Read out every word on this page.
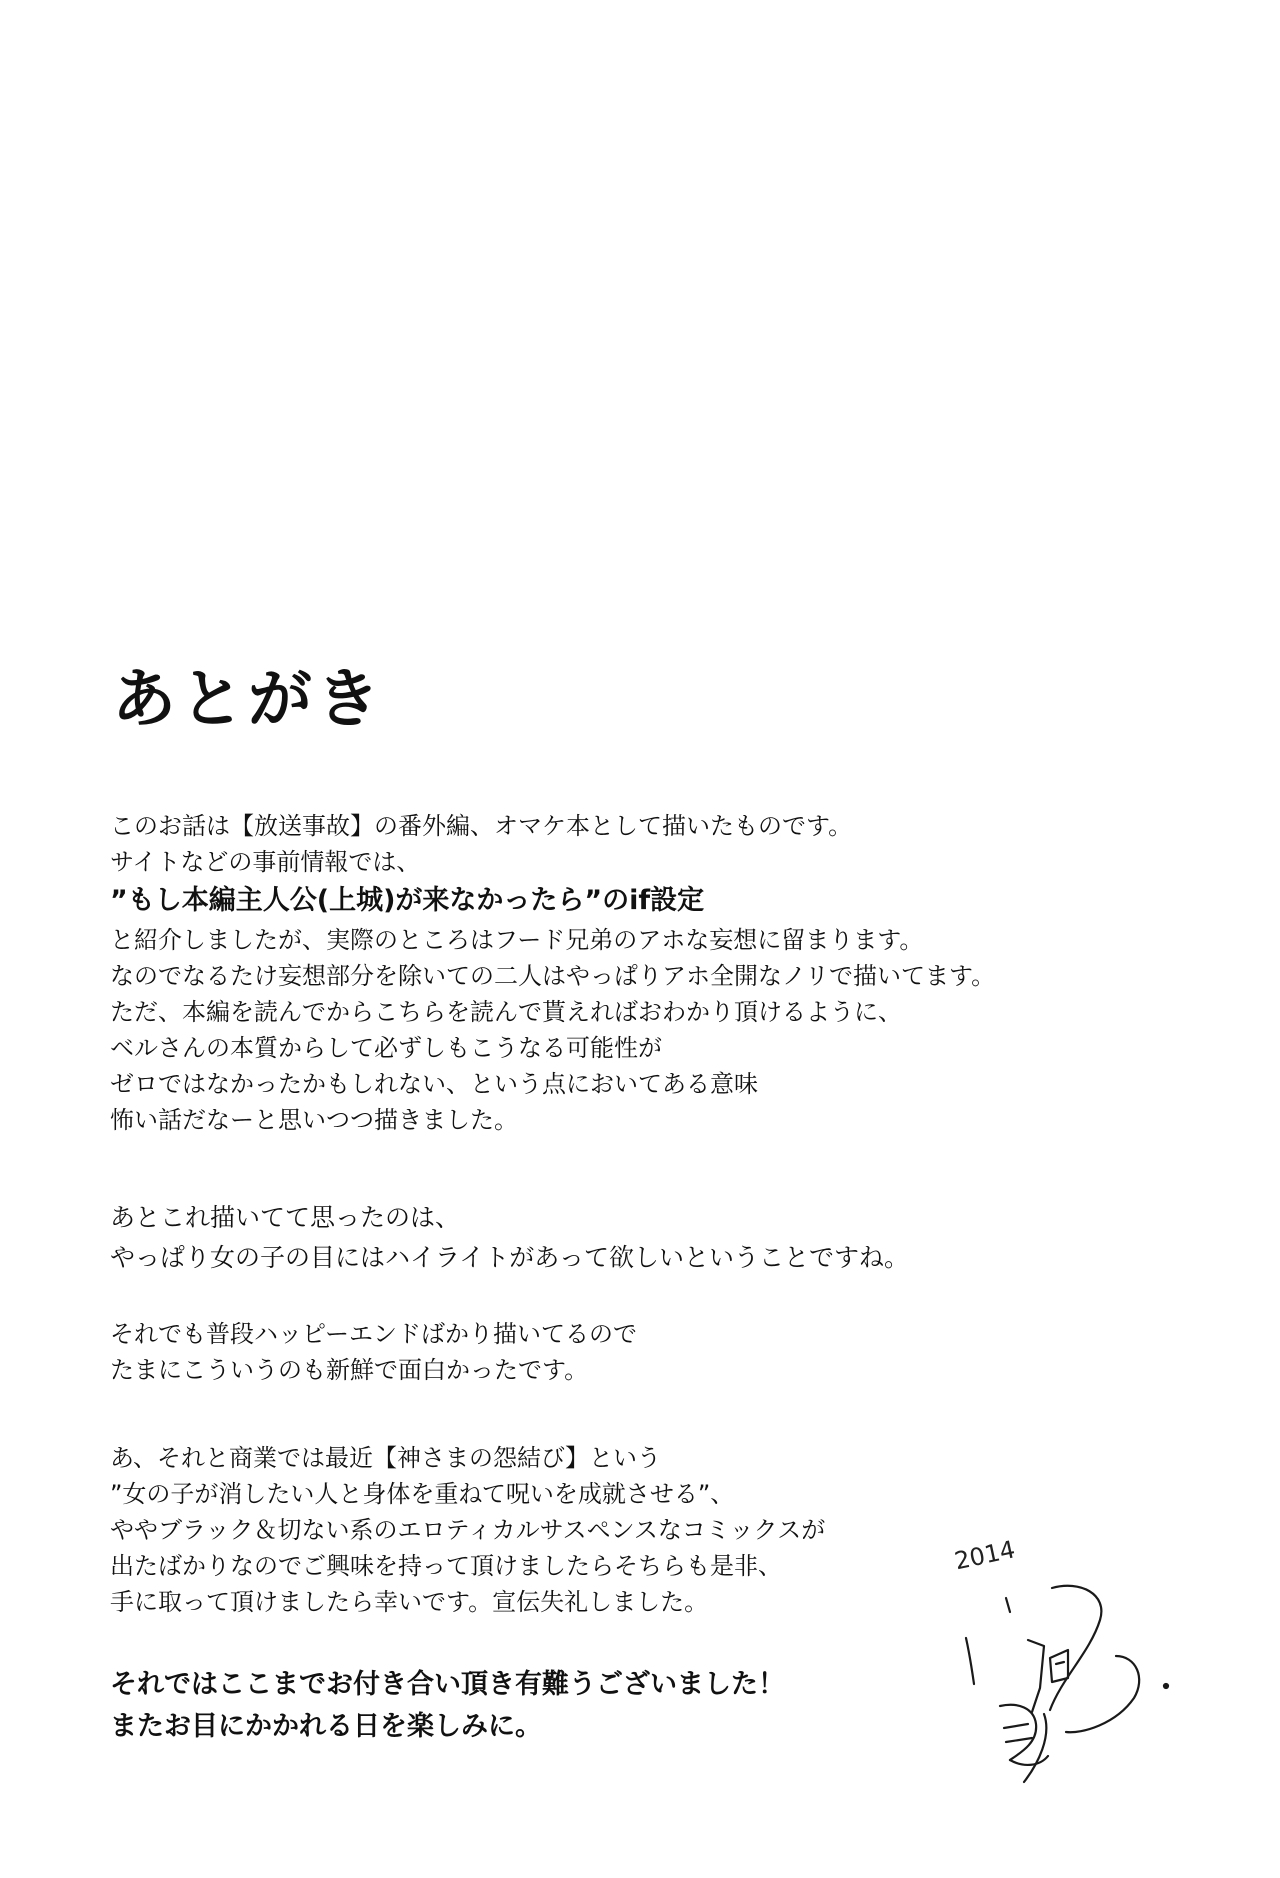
あとがき
このお話は【放送事故】の番外編、オマケ本として描いたものです。
サイトなどの事前情報では、
”もし本編主人公(上城)が来なかったら”のif設定
と紹介しましたが、実際のところはフード兄弟のアホな妄想に留まります。
なのでなるたけ妄想部分を除いての二人はやっぱりアホ全開なノリで描いてます。
ただ、本編を読んでからこちらを読んで貰えればおわかり頂けるように、
ベルさんの本質からして必ずしもこうなる可能性が
ゼロではなかったかもしれない、という点においてある意味
怖い話だなーと思いつつ描きました。
あとこれ描いてて思ったのは、
やっぱり女の子の目にはハイライトがあって欲しいということですね。
それでも普段ハッピーエンドばかり描いてるので
たまにこういうのも新鮮で面白かったです。
あ、それと商業では最近【神さまの怨結び】という
”女の子が消したい人と身体を重ねて呪いを成就させる”、
ややブラック＆切ない系のエロティカルサスペンスなコミックスが
出たばかりなのでご興味を持って頂けましたらそちらも是非、
手に取って頂けましたら幸いです。宣伝失礼しました。
それではここまでお付き合い頂き有難うございました！
またお目にかかれる日を楽しみに。
2014
